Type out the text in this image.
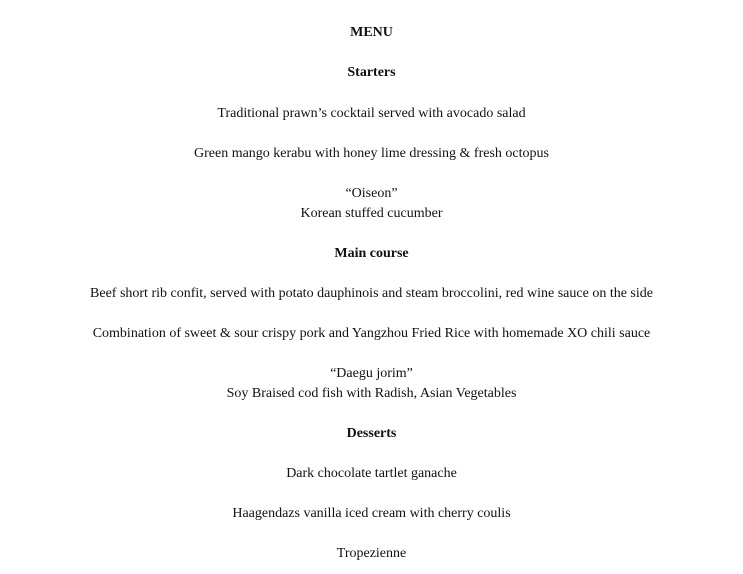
MENU
Starters
Traditional prawn’s cocktail served with avocado salad
Green mango kerabu with honey lime dressing & fresh octopus
“Oiseon”
Korean stuffed cucumber
Main course
Beef short rib confit, served with potato dauphinois and steam broccolini, red wine sauce on the side
Combination of sweet & sour crispy pork and Yangzhou Fried Rice with homemade XO chili sauce
“Daegu jorim”
Soy Braised cod fish with Radish, Asian Vegetables
Desserts
Dark chocolate tartlet ganache
Haagendazs vanilla iced cream with cherry coulis
Tropezienne
